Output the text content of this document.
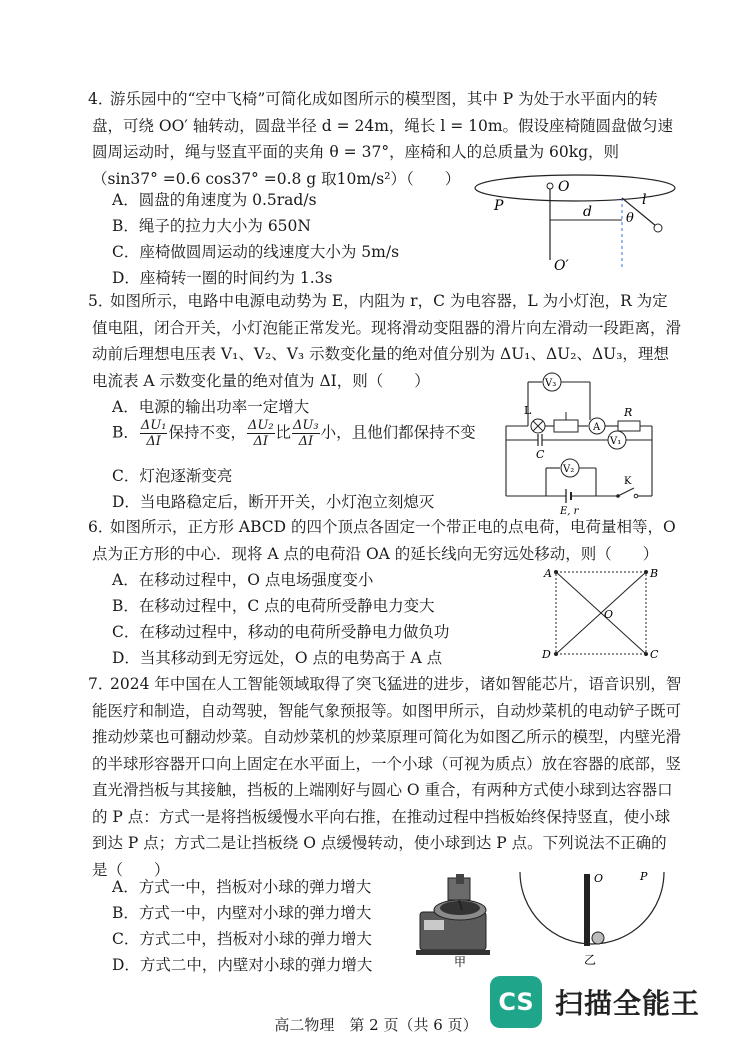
4．
游乐园中的“空中飞椅”可简化成如图所示的模型图，其中 P 为处于水平面内的转盘，可绕 OO′ 轴转动，圆盘半径 d = 24m，绳长 l = 10m。假设座椅随圆盘做匀速圆周运动时，绳与竖直平面的夹角 θ = 37°，座椅和人的总质量为 60kg，则（sin37° =0.6 cos37° =0.8 g 取10m/s²）（　　）
A．圆盘的角速度为 0.5rad/s
B．绳子的拉力大小为 650N
C．座椅做圆周运动的线速度大小为 5m/s
D．座椅转一圈的时间约为 1.3s
P
O
O′
d
l
θ
5．
如图所示，电路中电源电动势为 E，内阻为 r，C 为电容器，L 为小灯泡，R 为定值电阻，闭合开关，小灯泡能正常发光。现将滑动变阻器的滑片向左滑动一段距离，滑动前后理想电压表 V₁、V₂、V₃ 示数变化量的绝对值分别为 ΔU₁、ΔU₂、ΔU₃，理想电流表 A 示数变化量的绝对值为 ΔI，则（　　）
A．电源的输出功率一定增大
B． $\frac{\text{ΔU₁}}{\Delta I}$ 保持不变， $\frac{\text{ΔU₂}}{\Delta I}$ 比 $\frac{\text{ΔU₃}}{\Delta I}$ 小，且他们都保持不变
C．灯泡逐渐变亮
D．当电路稳定后，断开开关，小灯泡立刻熄灭
V₃
L
A
R
C
V₁
V₂
E, r
K
6．
如图所示，正方形 ABCD 的四个顶点各固定一个带正电的点电荷，电荷量相等，O 点为正方形的中心．现将 A 点的电荷沿 OA 的延长线向无穷远处移动，则（　　）
A．在移动过程中，O 点电场强度变小
B．在移动过程中，C 点的电荷所受静电力变大
C．在移动过程中，移动的电荷所受静电力做负功
D．当其移动到无穷远处，O 点的电势高于 A 点
A	B
C
D
O
7．
2024 年中国在人工智能领域取得了突飞猛进的进步，诸如智能芯片，语音识别，智能医疗和制造，自动驾驶，智能气象预报等。如图甲所示，自动炒菜机的电动铲子既可推动炒菜也可翻动炒菜。自动炒菜机的炒菜原理可简化为如图乙所示的模型，内壁光滑的半球形容器开口向上固定在水平面上，一个小球（可视为质点）放在容器的底部，竖直光滑挡板与其接触，挡板的上端刚好与圆心 O 重合，有两种方式使小球到达容器口的 P 点：方式一是将挡板缓慢水平向右推，在推动过程中挡板始终保持竖直，使小球到达 P 点；方式二是让挡板绕 O 点缓慢转动，使小球到达 P 点。下列说法不正确的是（　　）
A．方式一中，挡板对小球的弹力增大
B．方式一中，内壁对小球的弹力增大
C．方式二中，挡板对小球的弹力增大
D．方式二中，内壁对小球的弹力增大	甲
O	P
乙
高二物理　第 2 页（共 6 页）
CS 扫描全能王
